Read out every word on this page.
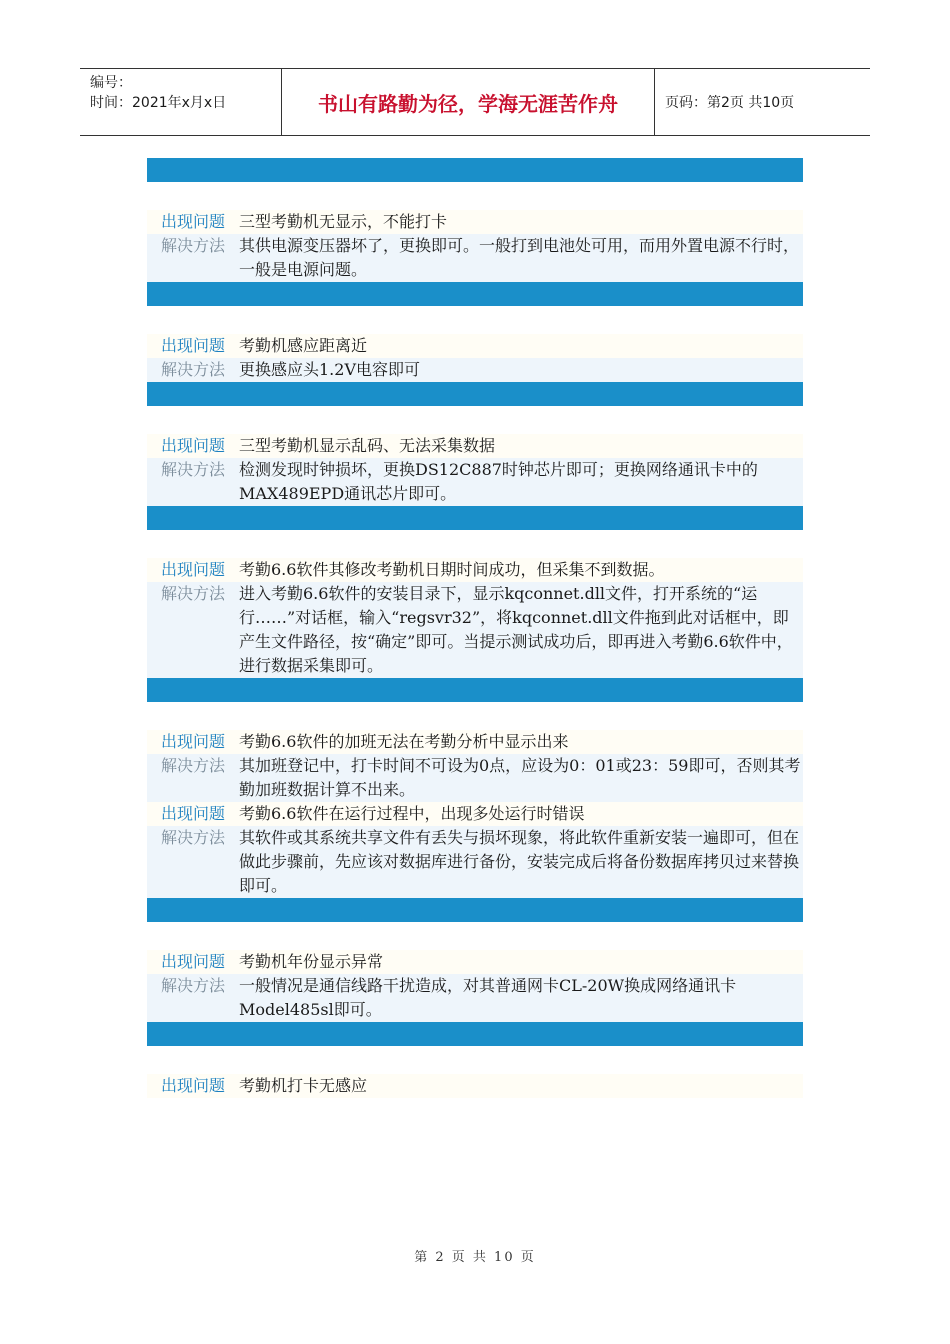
编号：
时间：2021年x月x日	书山有路勤为径，学海无涯苦作舟	页码：第2页 共10页
出现问题 三型考勤机无显示，不能打卡
解决方法 其供电源变压器坏了，更换即可。一般打到电池处可用，而用外置电源不行时，一般是电源问题。
出现问题 考勤机感应距离近
解决方法 更换感应头1.2V电容即可
出现问题 三型考勤机显示乱码、无法采集数据
解决方法 检测发现时钟损坏，更换DS12C887时钟芯片即可；更换网络通讯卡中的MAX489EPD通讯芯片即可。
出现问题 考勤6.6软件其修改考勤机日期时间成功，但采集不到数据。
解决方法 进入考勤6.6软件的安装目录下，显示kqconnet.dll文件，打开系统的“运行……”对话框，输入“regsvr32”，将kqconnet.dll文件拖到此对话框中，即产生文件路径，按“确定”即可。当提示测试成功后，即再进入考勤6.6软件中，进行数据采集即可。
出现问题 考勤6.6软件的加班无法在考勤分析中显示出来
解决方法 其加班登记中，打卡时间不可设为0点，应设为0：01或23：59即可，否则其考勤加班数据计算不出来。
出现问题 考勤6.6软件在运行过程中，出现多处运行时错误
解决方法 其软件或其系统共享文件有丢失与损坏现象，将此软件重新安装一遍即可，但在做此步骤前，先应该对数据库进行备份，安装完成后将备份数据库拷贝过来替换即可。
出现问题 考勤机年份显示异常
解决方法 一般情况是通信线路干扰造成，对其普通网卡CL-20W换成网络通讯卡Model485sl即可。
出现问题 考勤机打卡无感应
第 2 页 共 10 页
